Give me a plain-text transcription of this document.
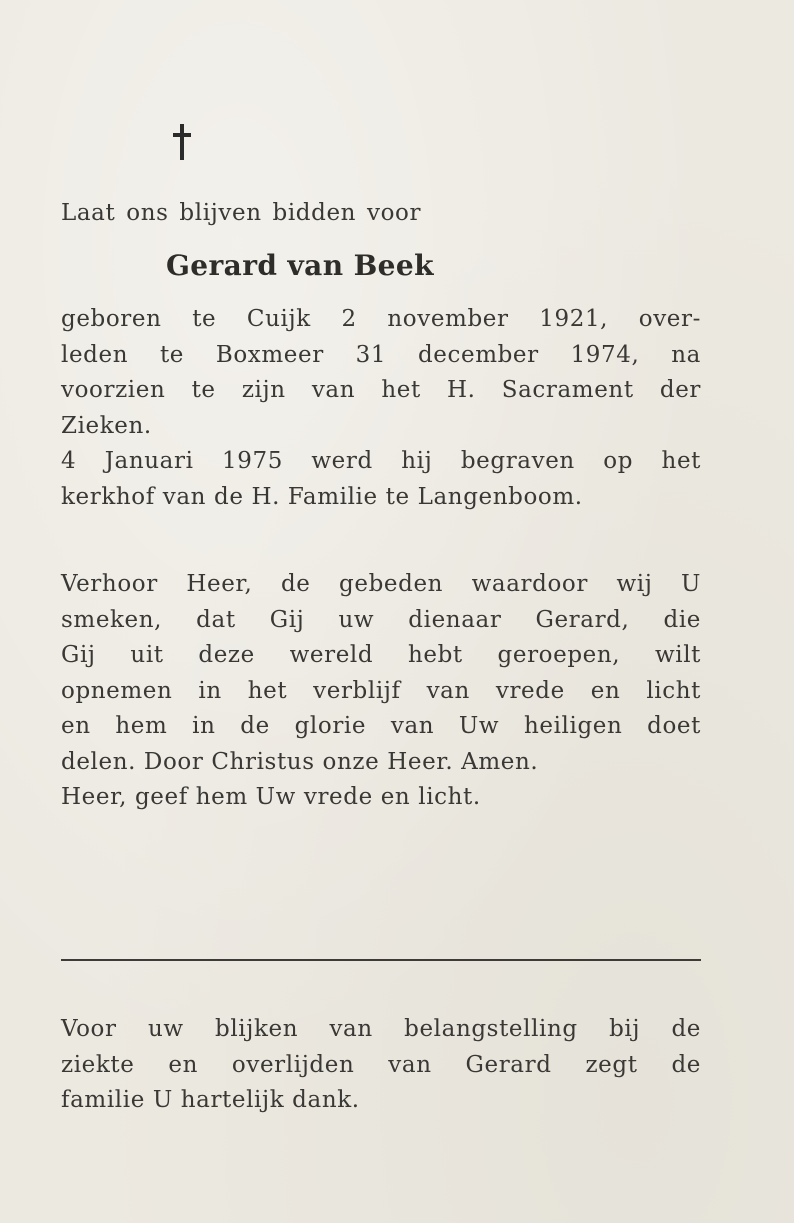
Laat ons blijven bidden voor
Gerard van Beek
geboren te Cuijk 2 november 1921, over-
leden te Boxmeer 31 december 1974, na
voorzien te zijn van het H. Sacrament der
Zieken.
4 Januari 1975 werd hij begraven op het
kerkhof van de H. Familie te Langenboom.
Verhoor Heer, de gebeden waardoor wij U
smeken, dat Gij uw dienaar Gerard, die
Gij uit deze wereld hebt geroepen, wilt
opnemen in het verblijf van vrede en licht
en hem in de glorie van Uw heiligen doet
delen. Door Christus onze Heer. Amen.
Heer, geef hem Uw vrede en licht.
Voor uw blijken van belangstelling bij de
ziekte en overlijden van Gerard zegt de
familie U hartelijk dank.
